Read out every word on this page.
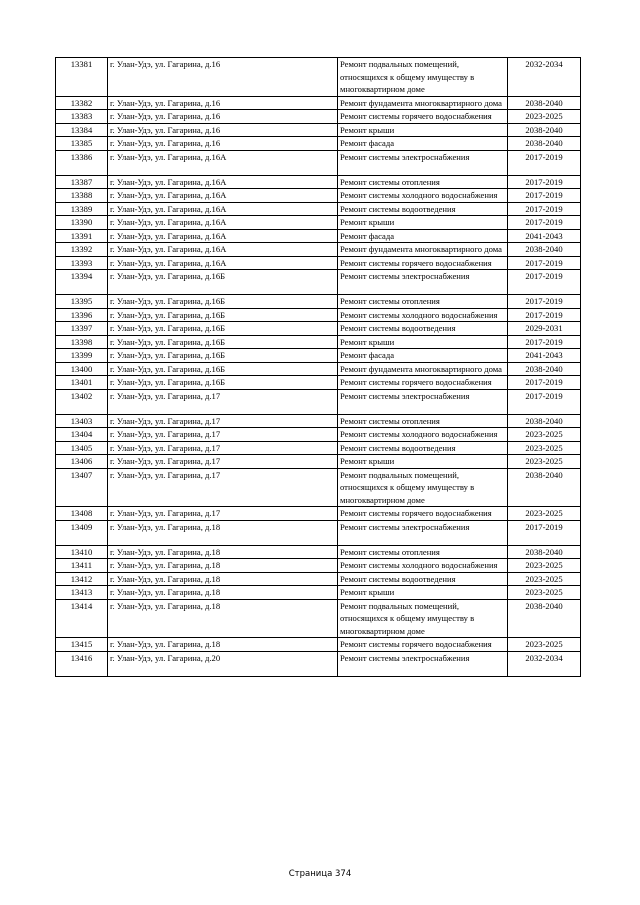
13381	г. Улан-Удэ, ул. Гагарина, д.16	Ремонт подвальных помещений, относящихся к общему имуществу в многоквартирном доме	2032-2034
13382	г. Улан-Удэ, ул. Гагарина, д.16	Ремонт фундамента многоквартирного дома	2038-2040
13383	г. Улан-Удэ, ул. Гагарина, д.16	Ремонт системы горячего водоснабжения	2023-2025
13384	г. Улан-Удэ, ул. Гагарина, д.16	Ремонт крыши	2038-2040
13385	г. Улан-Удэ, ул. Гагарина, д.16	Ремонт фасада	2038-2040
13386	г. Улан-Удэ, ул. Гагарина, д.16А	Ремонт системы электроснабжения	2017-2019
13387	г. Улан-Удэ, ул. Гагарина, д.16А	Ремонт системы отопления	2017-2019
13388	г. Улан-Удэ, ул. Гагарина, д.16А	Ремонт системы холодного водоснабжения	2017-2019
13389	г. Улан-Удэ, ул. Гагарина, д.16А	Ремонт системы водоотведения	2017-2019
13390	г. Улан-Удэ, ул. Гагарина, д.16А	Ремонт крыши	2017-2019
13391	г. Улан-Удэ, ул. Гагарина, д.16А	Ремонт фасада	2041-2043
13392	г. Улан-Удэ, ул. Гагарина, д.16А	Ремонт фундамента многоквартирного дома	2038-2040
13393	г. Улан-Удэ, ул. Гагарина, д.16А	Ремонт системы горячего водоснабжения	2017-2019
13394	г. Улан-Удэ, ул. Гагарина, д.16Б	Ремонт системы электроснабжения	2017-2019
13395	г. Улан-Удэ, ул. Гагарина, д.16Б	Ремонт системы отопления	2017-2019
13396	г. Улан-Удэ, ул. Гагарина, д.16Б	Ремонт системы холодного водоснабжения	2017-2019
13397	г. Улан-Удэ, ул. Гагарина, д.16Б	Ремонт системы водоотведения	2029-2031
13398	г. Улан-Удэ, ул. Гагарина, д.16Б	Ремонт крыши	2017-2019
13399	г. Улан-Удэ, ул. Гагарина, д.16Б	Ремонт фасада	2041-2043
13400	г. Улан-Удэ, ул. Гагарина, д.16Б	Ремонт фундамента многоквартирного дома	2038-2040
13401	г. Улан-Удэ, ул. Гагарина, д.16Б	Ремонт системы горячего водоснабжения	2017-2019
13402	г. Улан-Удэ, ул. Гагарина, д.17	Ремонт системы электроснабжения	2017-2019
13403	г. Улан-Удэ, ул. Гагарина, д.17	Ремонт системы отопления	2038-2040
13404	г. Улан-Удэ, ул. Гагарина, д.17	Ремонт системы холодного водоснабжения	2023-2025
13405	г. Улан-Удэ, ул. Гагарина, д.17	Ремонт системы водоотведения	2023-2025
13406	г. Улан-Удэ, ул. Гагарина, д.17	Ремонт крыши	2023-2025
13407	г. Улан-Удэ, ул. Гагарина, д.17	Ремонт подвальных помещений, относящихся к общему имуществу в многоквартирном доме	2038-2040
13408	г. Улан-Удэ, ул. Гагарина, д.17	Ремонт системы горячего водоснабжения	2023-2025
13409	г. Улан-Удэ, ул. Гагарина, д.18	Ремонт системы электроснабжения	2017-2019
13410	г. Улан-Удэ, ул. Гагарина, д.18	Ремонт системы отопления	2038-2040
13411	г. Улан-Удэ, ул. Гагарина, д.18	Ремонт системы холодного водоснабжения	2023-2025
13412	г. Улан-Удэ, ул. Гагарина, д.18	Ремонт системы водоотведения	2023-2025
13413	г. Улан-Удэ, ул. Гагарина, д.18	Ремонт крыши	2023-2025
13414	г. Улан-Удэ, ул. Гагарина, д.18	Ремонт подвальных помещений, относящихся к общему имуществу в многоквартирном доме	2038-2040
13415	г. Улан-Удэ, ул. Гагарина, д.18	Ремонт системы горячего водоснабжения	2023-2025
13416	г. Улан-Удэ, ул. Гагарина, д.20	Ремонт системы электроснабжения	2032-2034
Страница 374
